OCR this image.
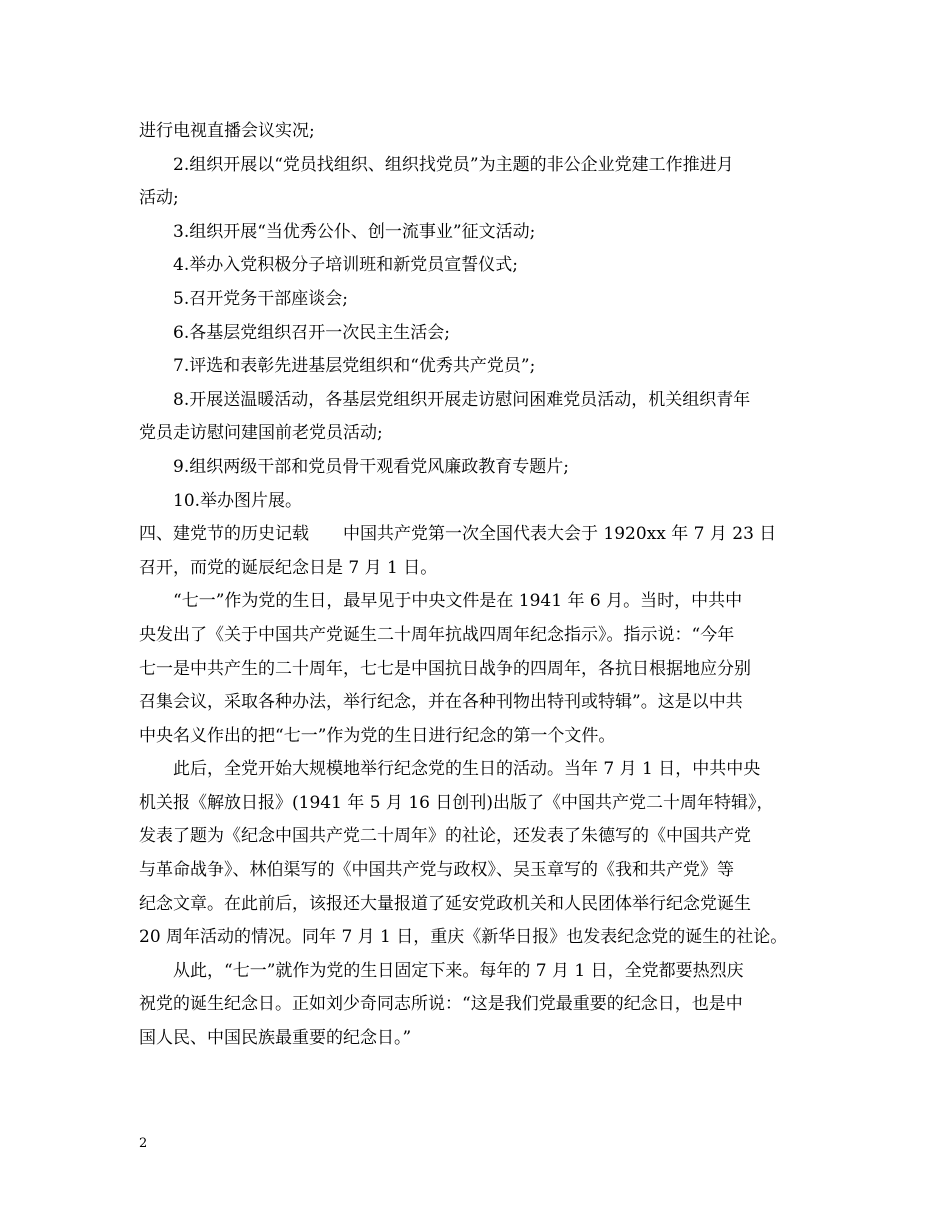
进行电视直播会议实况;
2.组织开展以“党员找组织、组织找党员”为主题的非公企业党建工作推进月
活动;
3.组织开展“当优秀公仆、创一流事业”征文活动;
4.举办入党积极分子培训班和新党员宣誓仪式;
5.召开党务干部座谈会;
6.各基层党组织召开一次民主生活会;
7.评选和表彰先进基层党组织和“优秀共产党员”;
8.开展送温暖活动，各基层党组织开展走访慰问困难党员活动，机关组织青年
党员走访慰问建国前老党员活动;
9.组织两级干部和党员骨干观看党风廉政教育专题片;
10.举办图片展。
四、建党节的历史记载　　中国共产党第一次全国代表大会于 1920xx 年 7 月 23 日
召开，而党的诞辰纪念日是 7 月 1 日。
“七一”作为党的生日，最早见于中央文件是在 1941 年 6 月。当时，中共中
央发出了《关于中国共产党诞生二十周年抗战四周年纪念指示》。指示说：“今年
七一是中共产生的二十周年，七七是中国抗日战争的四周年，各抗日根据地应分别
召集会议，采取各种办法，举行纪念，并在各种刊物出特刊或特辑”。这是以中共
中央名义作出的把“七一”作为党的生日进行纪念的第一个文件。
此后，全党开始大规模地举行纪念党的生日的活动。当年 7 月 1 日，中共中央
机关报《解放日报》(1941 年 5 月 16 日创刊)出版了《中国共产党二十周年特辑》，
发表了题为《纪念中国共产党二十周年》的社论，还发表了朱德写的《中国共产党
与革命战争》、林伯渠写的《中国共产党与政权》、吴玉章写的《我和共产党》等
纪念文章。在此前后，该报还大量报道了延安党政机关和人民团体举行纪念党诞生
20 周年活动的情况。同年 7 月 1 日，重庆《新华日报》也发表纪念党的诞生的社论。
从此，“七一”就作为党的生日固定下来。每年的 7 月 1 日，全党都要热烈庆
祝党的诞生纪念日。正如刘少奇同志所说：“这是我们党最重要的纪念日，也是中
国人民、中国民族最重要的纪念日。”
2
